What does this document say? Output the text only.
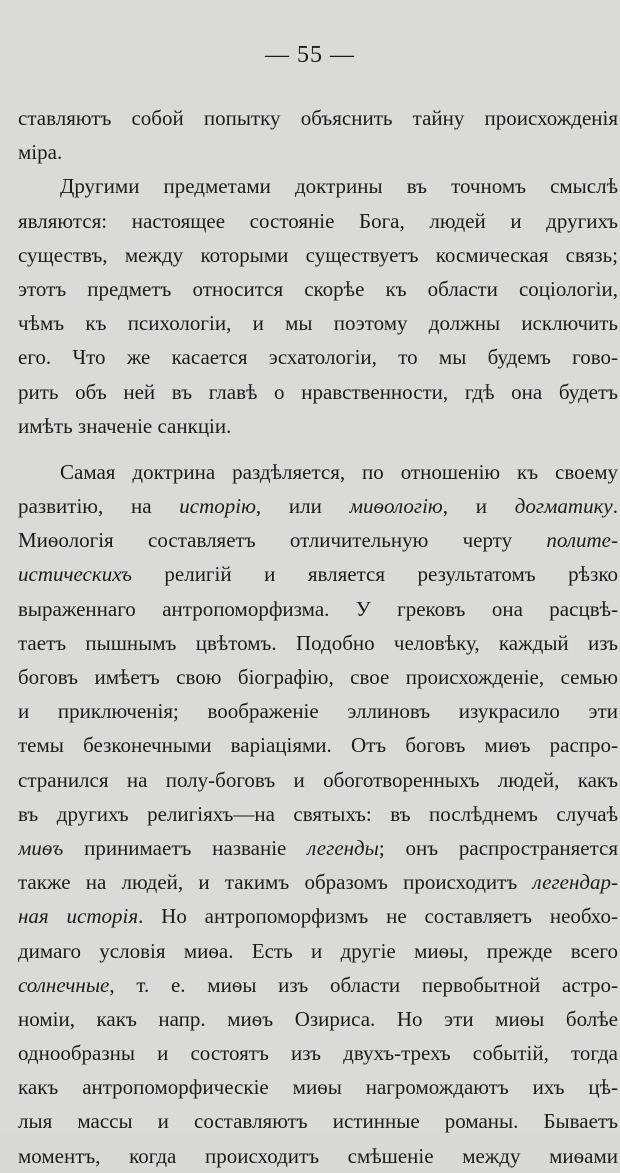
— 55 —
ставляютъ собой попытку объяснить тайну происхожденія
міра.
Другими предметами доктрины въ точномъ смыслѣ
являются: настоящее состояніе Бога, людей и другихъ
существъ, между которыми существуетъ космическая связь;
этотъ предметъ относится скорѣе къ области соціологіи,
чѣмъ къ психологіи, и мы поэтому должны исключить
его. Что же касается эсхатологіи, то мы будемъ гово-
рить объ ней въ главѣ о нравственности, гдѣ она будетъ
имѣть значеніе санкціи.
Самая доктрина раздѣляется, по отношенію къ своему
развитію, на исторію, или миѳологію, и догматику.
Миѳологія составляетъ отличительную черту полите-
истическихъ религій и является результатомъ рѣзко
выраженнаго антропоморфизма. У грековъ она расцвѣ-
таетъ пышнымъ цвѣтомъ. Подобно человѣку, каждый изъ
боговъ имѣетъ свою біографію, свое происхожденіе, семью
и приключенія; воображеніе эллиновъ изукрасило эти
темы безконечными варіаціями. Отъ боговъ миѳъ распро-
странился на полу-боговъ и обоготворенныхъ людей, какъ
въ другихъ религіяхъ—на святыхъ: въ послѣднемъ случаѣ
миѳъ принимаетъ названіе легенды; онъ распространяется
также на людей, и такимъ образомъ происходитъ легендар-
ная исторія. Но антропоморфизмъ не составляетъ необхо-
димаго условія миѳа. Есть и другіе миѳы, прежде всего
солнечные, т. е. миѳы изъ области первобытной астро-
номіи, какъ напр. миѳъ Озириса. Но эти миѳы болѣе
однообразны и состоятъ изъ двухъ-трехъ событій, тогда
какъ антропоморфическіе миѳы нагромождаютъ ихъ цѣ-
лыя массы и составляютъ истинные романы. Бываетъ
моментъ, когда происходитъ смѣшеніе между миѳами
